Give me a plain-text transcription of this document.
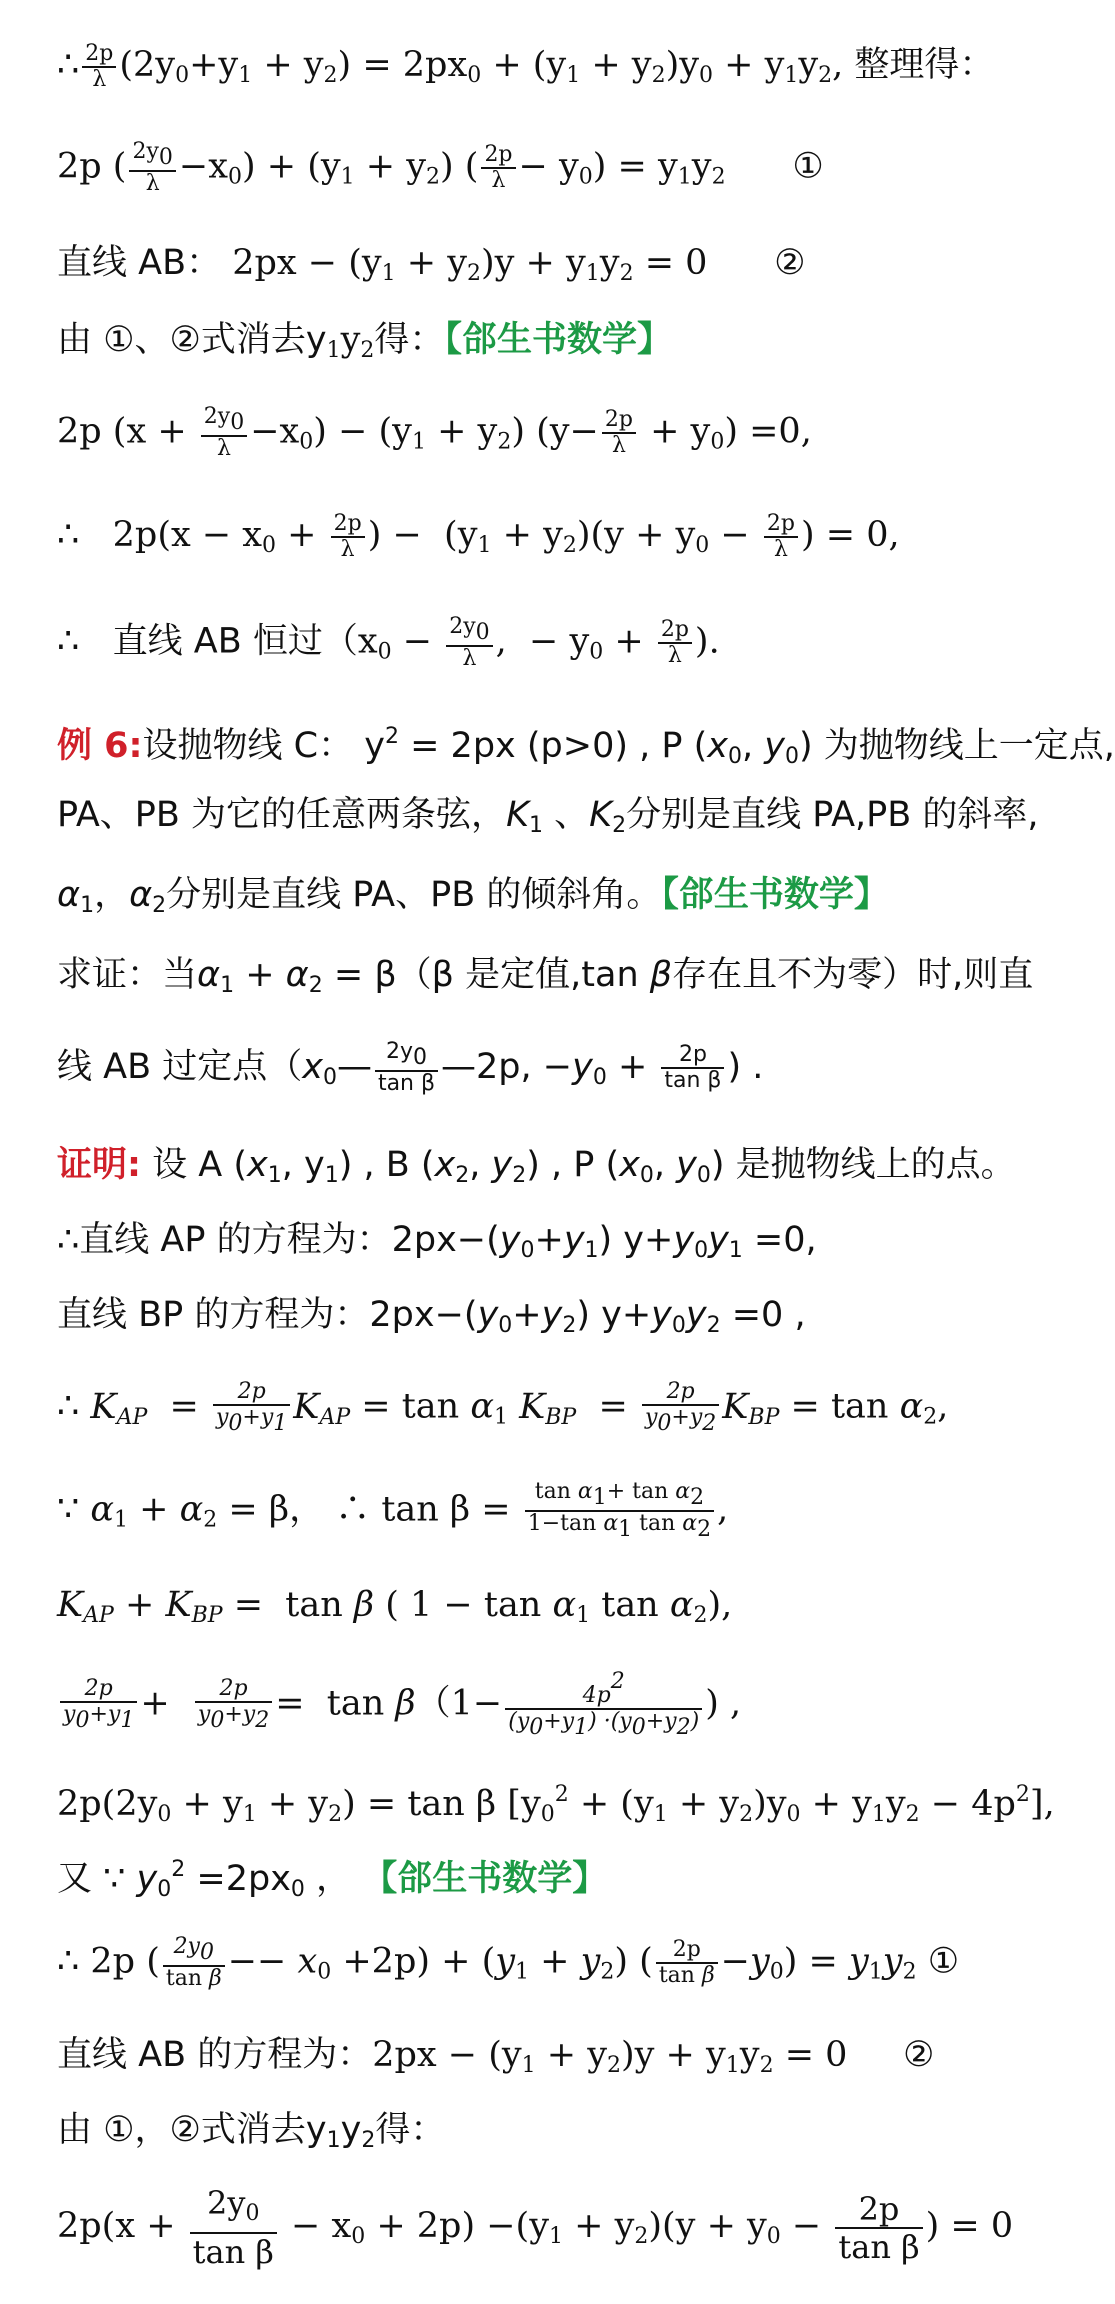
∴ $\frac{2p}{\lambda} (2y_0+y_1 + y_2) = 2px_0 + (y_1 + y_2)y_0 + y_1y_2$, 整理得：
2p ( $\frac{2y_0}{\lambda} -x_0) + (y_1 + y_2)$ ( $\frac{2p}{\lambda} - y_0) = y_1y_2$ ①
直线 AB： $2px - (y_1 + y_2)y + y_1y_2 = 0$      ②
由 ①、②式消去$y_1y_2$得：【郃生书数学】
2p $(x + \frac{2y_0}{\lambda} -x_0) - (y_1 + y_2)$ $(y- \frac{2p}{\lambda} + y_0) =0$,
∴   $2p(x - x_0 + \frac{2p}{\lambda}$ ) −  $(y_1 + y_2)(y + y_0 - \frac{2p}{\lambda}$ ) = 0,
∴   直线 AB 恒过（$x_0 - \frac{2y_0}{\lambda}$ ,  − $y_0 + \frac{2p}{\lambda}$ ).
例 6:设抛物线 C： $y^2 = 2px$ (p>0) , P ($x_0$, $y_0$) 为抛物线上一定点,
PA、PB 为它的任意两条弦，$K_1$ 、$K_2$分别是直线 PA,PB 的斜率,
$\alpha_1$，$\alpha_2$分别是直线 PA、PB 的倾斜角。【郃生书数学】
求证：当$\alpha_1 + \alpha_2 = \beta(\beta$ 是定值,tan β存在且不为零）时,则直
线 AB 过定点（$x_0— \frac{2y_0}{\text{tan β}}$ —2p, $-y_0 + \frac{2p}{\text{tan β}}$ ) .
证明: 设 A ($x_1$, $y_1$) , B ($x_2$, $y_2$) , P ($x_0$, $y_0$) 是抛物线上的点。
∴直线 AP 的方程为：$2px-(y_0+y_1)$ $y+y_0y_1 =0$,
直线 BP 的方程为：$2px-(y_0+y_2)$ $y+y_0y_2 =0$ ,
∴ $K_{AP} = \frac{2p}{y_0+y_1} K_{AP} = \tan \alpha_1$ $K_{BP} = \frac{2p}{y_0+y_2} K_{BP} = \tan \alpha_2$,
∵ $\alpha_1 + \alpha_2 = \beta$， ∴ $\tan \beta = \frac{\tan \alpha_1+ \tan \alpha_2}{1-\tan \alpha_1 \tan \alpha_2}$ ,
$K_{AP} + K_{BP} = \tan \beta$ ( $1 - \tan \alpha_1$ $\tan \alpha_2$),
$\frac{2p}{y_0+y_1} + \frac{2p}{y_0+y_2} = \tan \beta(1- \frac{4p^2}{(y_0+y_1) \cdot(y_0+y_2)}$ ) ,
$2p(2y_0 + y_1 + y_2) = \tan \beta$ $[y_0^2 + (y_1 + y_2)y_0 + y_1y_2 - 4p^2]$,
又 ∵ $y_0^2 =2px_0$ ， 【郃生书数学】
∴ 2p ( $\frac{2y_0}{\text{tan β}} -- x_0 +2p) + (y_1 + y_2)$ ( $\frac{2p}{\text{tan β}} -y_0) = y_1y_2$ ①
直线 AB 的方程为：$2px - (y_1 + y_2)y + y_1y_2 = 0$     ②
由 ①，②式消去$y_1y_2$得：
$2p(x + \frac{2y_0}{\text{tan β}} - x_0 + 2p) -(y_1 + y_2)(y + y_0 - \frac{2p}{\text{tan β}}$ ) = 0
